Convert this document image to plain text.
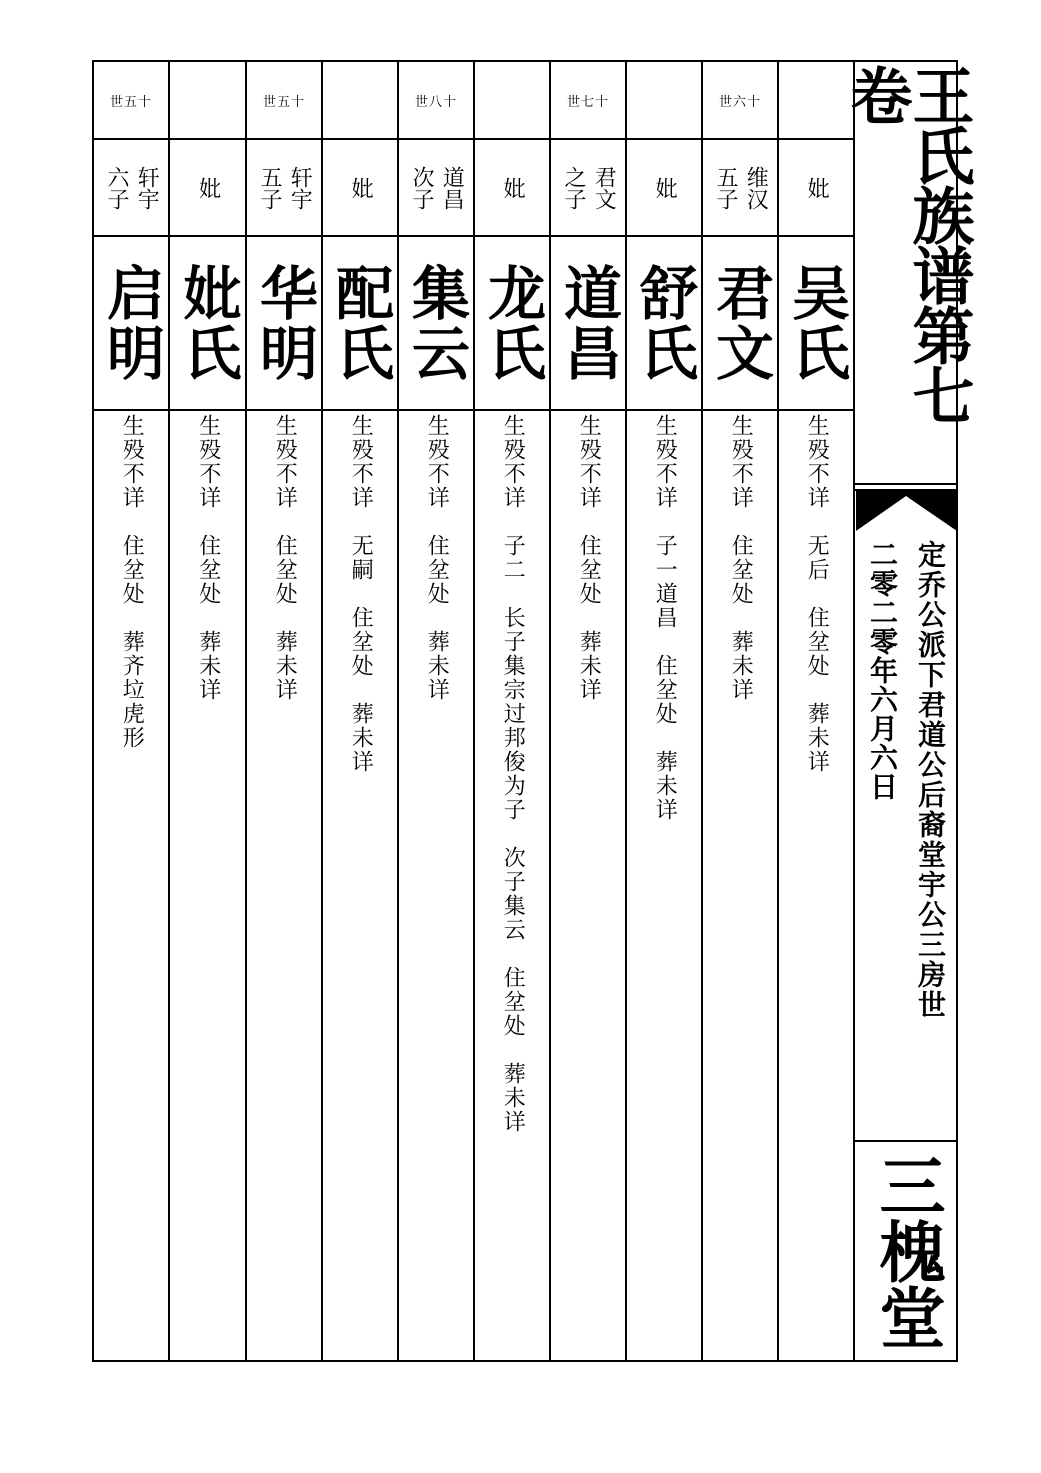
妣
吴氏
生殁不详　无后　住坌处　葬未详
世六十
维汉
五子
君文
生殁不详　住坌处　葬未详
妣
舒氏
生殁不详　子一道昌　住坌处　葬未详
世七十
君文
之子
道昌
生殁不详　住坌处　葬未详
妣
龙氏
生殁不详　子二　长子集宗过邦俊为子　次子集云　住坌处　葬未详
世八十
道昌
次子
集云
生殁不详　住坌处　葬未详
妣
配氏
生殁不详　无嗣　住坌处　葬未详
世五十
轩宇
五子
华明
生殁不详　住坌处　葬未详
妣
妣氏
生殁不详　住坌处　葬未详
世五十
轩宇
六子
启明
生殁不详　住坌处　葬齐垃虎形
王氏族谱第七卷
定乔公派下君道公后裔堂宇公三房世
二零二零年六月六日
三槐堂
